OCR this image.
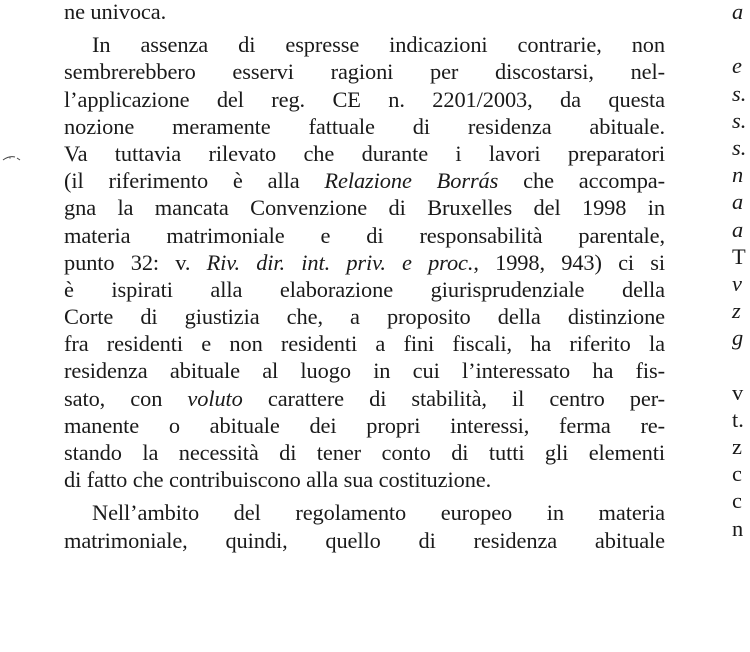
ne univoca.
In assenza di espresse indicazioni contrarie, non
sembrerebbero esservi ragioni per discostarsi, nel-
l’applicazione del reg. CE n. 2201/2003, da questa
nozione meramente fattuale di residenza abituale.
Va tuttavia rilevato che durante i lavori preparatori
(il riferimento è alla Relazione Borrás che accompa-
gna la mancata Convenzione di Bruxelles del 1998 in
materia matrimoniale e di responsabilità parentale,
punto 32: v. Riv. dir. int. priv. e proc., 1998, 943) ci si
è ispirati alla elaborazione giurisprudenziale della
Corte di giustizia che, a proposito della distinzione
fra residenti e non residenti a fini fiscali, ha riferito la
residenza abituale al luogo in cui l’interessato ha fis-
sato, con voluto carattere di stabilità, il centro per-
manente o abituale dei propri interessi, ferma re-
stando la necessità di tener conto di tutti gli elementi
di fatto che contribuiscono alla sua costituzione.
Nell’ambito del regolamento europeo in materia
matrimoniale, quindi, quello di residenza abituale
a
e
s.
s.
s.
n
a
a
T
v
z
g
v
t.
z
c
c
n
